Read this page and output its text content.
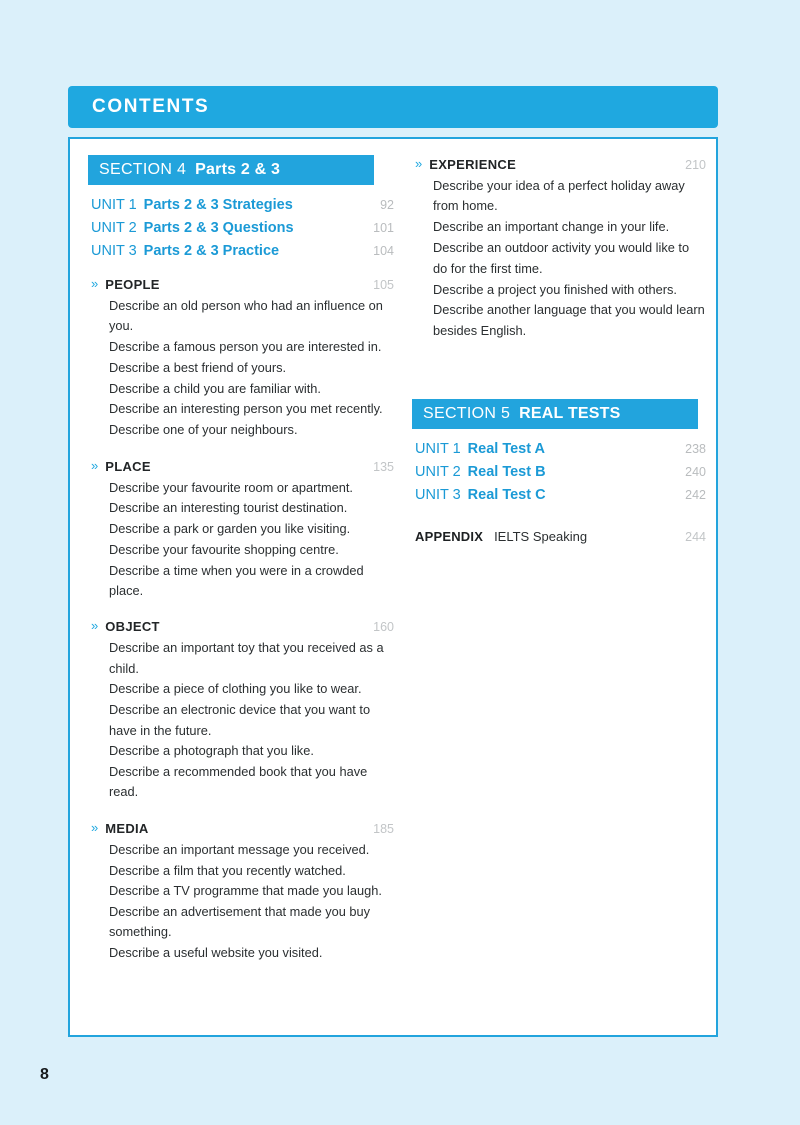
CONTENTS
SECTION 4 Parts 2 & 3
UNIT 1 Parts 2 & 3 Strategies	92
UNIT 2 Parts 2 & 3 Questions	101
UNIT 3 Parts 2 & 3 Practice	104
» PEOPLE	105
Describe an old person who had an influence on you.
Describe a famous person you are interested in.
Describe a best friend of yours.
Describe a child you are familiar with.
Describe an interesting person you met recently.
Describe one of your neighbours.
» PLACE	135
Describe your favourite room or apartment.
Describe an interesting tourist destination.
Describe a park or garden you like visiting.
Describe your favourite shopping centre.
Describe a time when you were in a crowded place.
» OBJECT	160
Describe an important toy that you received as a child.
Describe a piece of clothing you like to wear.
Describe an electronic device that you want to have in the future.
Describe a photograph that you like.
Describe a recommended book that you have read.
» MEDIA	185
Describe an important message you received.
Describe a film that you recently watched.
Describe a TV programme that made you laugh.
Describe an advertisement that made you buy something.
Describe a useful website you visited.
» EXPERIENCE	210
Describe your idea of a perfect holiday away from home.
Describe an important change in your life.
Describe an outdoor activity you would like to do for the first time.
Describe a project you finished with others.
Describe another language that you would learn besides English.
SECTION 5 REAL TESTS
UNIT 1 Real Test A	238
UNIT 2 Real Test B	240
UNIT 3 Real Test C	242
APPENDIX IELTS Speaking	244
8
